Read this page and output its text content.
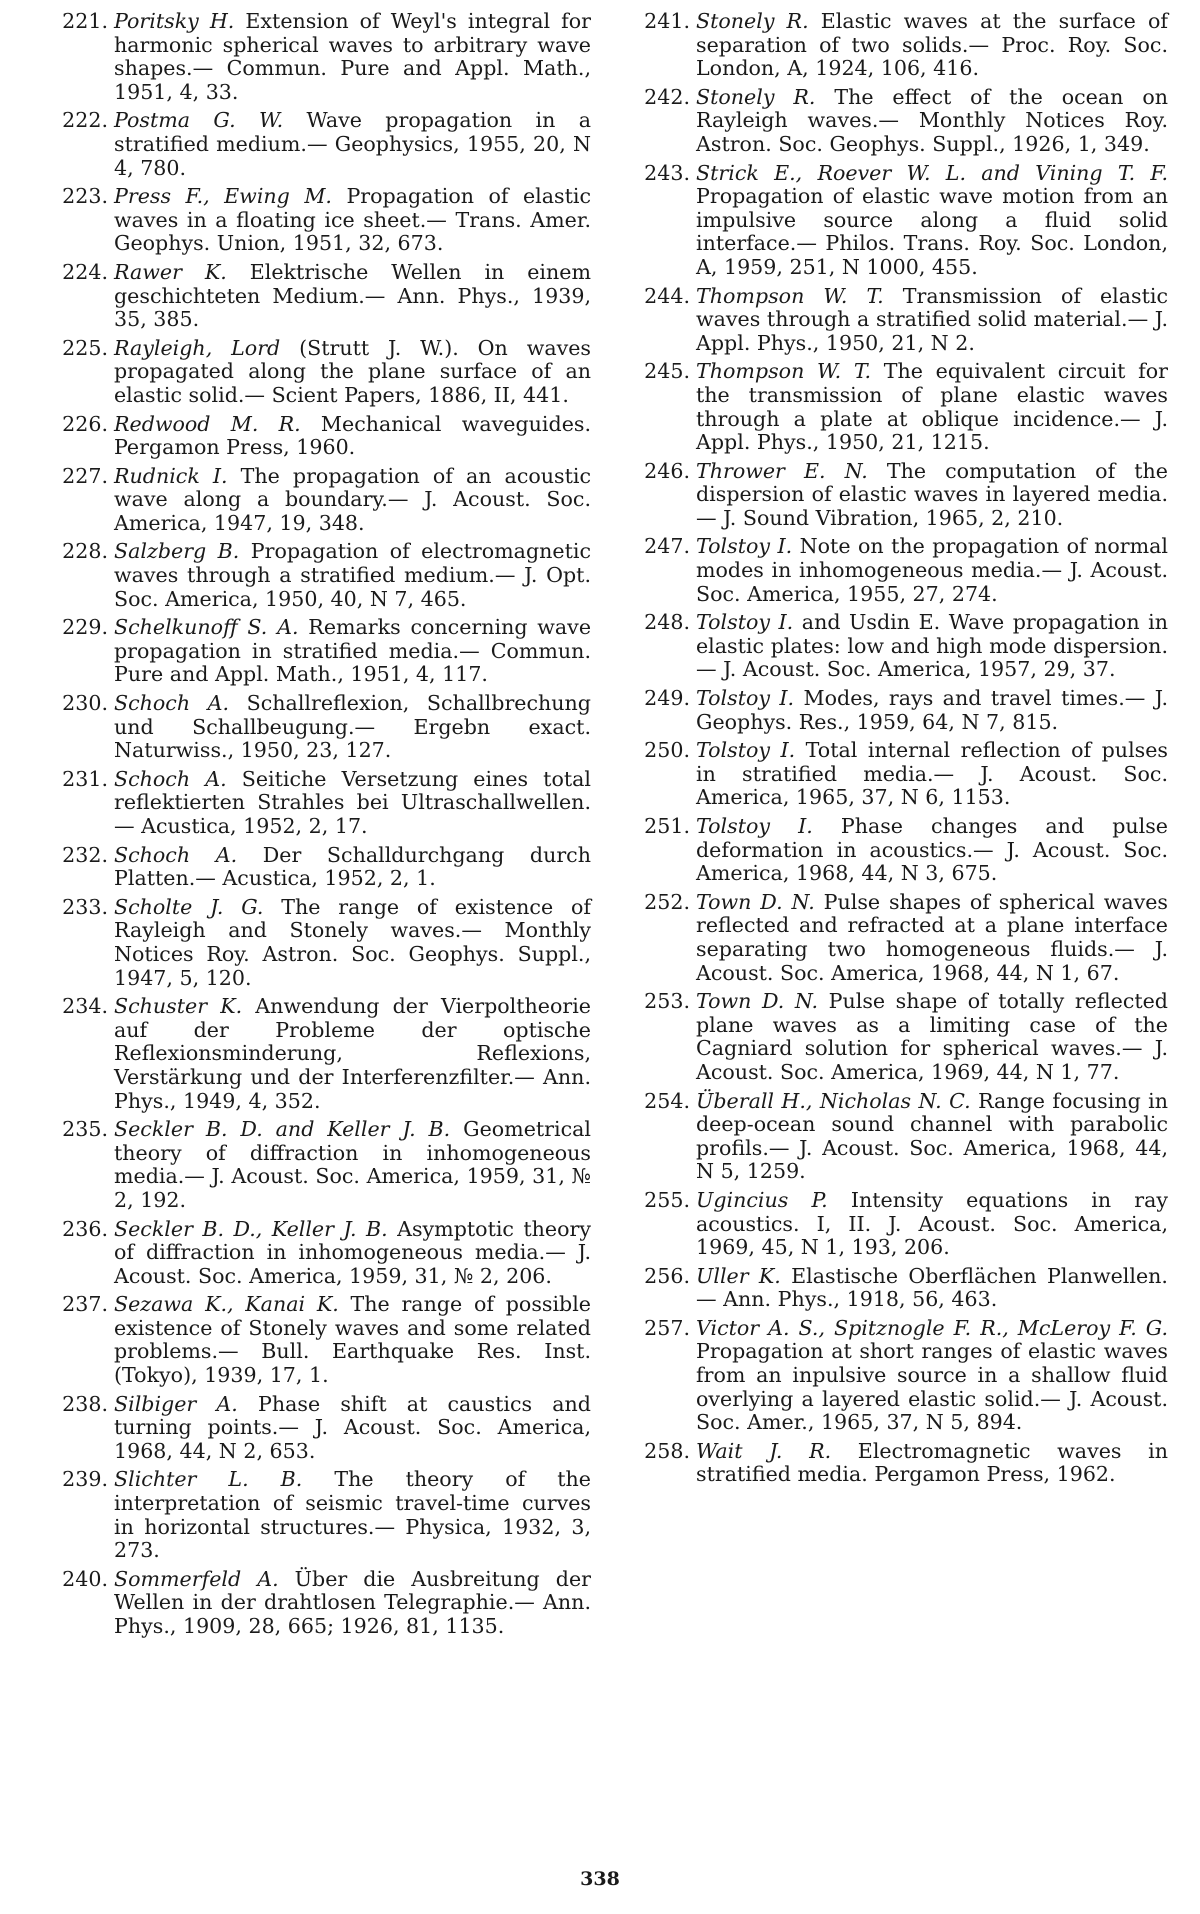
221. Poritsky H. Extension of Weyl's integral for harmonic spherical waves to arbitrary wave shapes.— Commun. Pure and Appl. Math., 1951, 4, 33.
222. Postma G. W. Wave propagation in a stratified medium.— Geophysics, 1955, 20, N 4, 780.
223. Press F., Ewing M. Propagation of elastic waves in a floating ice sheet.— Trans. Amer. Geophys. Union, 1951, 32, 673.
224. Rawer K. Elektrische Wellen in einem geschichteten Medium.— Ann. Phys., 1939, 35, 385.
225. Rayleigh, Lord (Strutt J. W.). On waves propagated along the plane surface of an elastic solid.— Scient Papers, 1886, II, 441.
226. Redwood M. R. Mechanical waveguides. Pergamon Press, 1960.
227. Rudnick I. The propagation of an acoustic wave along a boundary.— J. Acoust. Soc. America, 1947, 19, 348.
228. Salzberg B. Propagation of electromagnetic waves through a stratified medium.— J. Opt. Soc. America, 1950, 40, N 7, 465.
229. Schelkunoff S. A. Remarks concerning wave propagation in stratified media.— Commun. Pure and Appl. Math., 1951, 4, 117.
230. Schoch A. Schallreflexion, Schallbrechung und Schallbeugung.— Ergebn exact. Naturwiss., 1950, 23, 127.
231. Schoch A. Seitiche Versetzung eines total reflektierten Strahles bei Ultraschallwellen.— Acustica, 1952, 2, 17.
232. Schoch A. Der Schalldurchgang durch Platten.— Acustica, 1952, 2, 1.
233. Scholte J. G. The range of existence of Rayleigh and Stonely waves.— Monthly Notices Roy. Astron. Soc. Geophys. Suppl., 1947, 5, 120.
234. Schuster K. Anwendung der Vierpoltheorie auf der Probleme der optische Reflexionsminderung, Reflexions, Verstärkung und der Interferenzfilter.— Ann. Phys., 1949, 4, 352.
235. Seckler B. D. and Keller J. B. Geometrical theory of diffraction in inhomogeneous media.— J. Acoust. Soc. America, 1959, 31, № 2, 192.
236. Seckler B. D., Keller J. B. Asymptotic theory of diffraction in inhomogeneous media.— J. Acoust. Soc. America, 1959, 31, № 2, 206.
237. Sezawa K., Kanai K. The range of possible existence of Stonely waves and some related problems.— Bull. Earthquake Res. Inst. (Tokyo), 1939, 17, 1.
238. Silbiger A. Phase shift at caustics and turning points.— J. Acoust. Soc. America, 1968, 44, N 2, 653.
239. Slichter L. B. The theory of the interpretation of seismic travel-time curves in horizontal structures.— Physica, 1932, 3, 273.
240. Sommerfeld A. Über die Ausbreitung der Wellen in der drahtlosen Telegraphie.— Ann. Phys., 1909, 28, 665; 1926, 81, 1135.
241. Stonely R. Elastic waves at the surface of separation of two solids.— Proc. Roy. Soc. London, A, 1924, 106, 416.
242. Stonely R. The effect of the ocean on Rayleigh waves.— Monthly Notices Roy. Astron. Soc. Geophys. Suppl., 1926, 1, 349.
243. Strick E., Roever W. L. and Vining T. F. Propagation of elastic wave motion from an impulsive source along a fluid solid interface.— Philos. Trans. Roy. Soc. London, A, 1959, 251, N 1000, 455.
244. Thompson W. T. Transmission of elastic waves through a stratified solid material.— J. Appl. Phys., 1950, 21, N 2.
245. Thompson W. T. The equivalent circuit for the transmission of plane elastic waves through a plate at oblique incidence.— J. Appl. Phys., 1950, 21, 1215.
246. Thrower E. N. The computation of the dispersion of elastic waves in layered media.— J. Sound Vibration, 1965, 2, 210.
247. Tolstoy I. Note on the propagation of normal modes in inhomogeneous media.— J. Acoust. Soc. America, 1955, 27, 274.
248. Tolstoy I. and Usdin E. Wave propagation in elastic plates: low and high mode dispersion.— J. Acoust. Soc. America, 1957, 29, 37.
249. Tolstoy I. Modes, rays and travel times.— J. Geophys. Res., 1959, 64, N 7, 815.
250. Tolstoy I. Total internal reflection of pulses in stratified media.— J. Acoust. Soc. America, 1965, 37, N 6, 1153.
251. Tolstoy I. Phase changes and pulse deformation in acoustics.— J. Acoust. Soc. America, 1968, 44, N 3, 675.
252. Town D. N. Pulse shapes of spherical waves reflected and refracted at a plane interface separating two homogeneous fluids.— J. Acoust. Soc. America, 1968, 44, N 1, 67.
253. Town D. N. Pulse shape of totally reflected plane waves as a limiting case of the Cagniard solution for spherical waves.— J. Acoust. Soc. America, 1969, 44, N 1, 77.
254. Überall H., Nicholas N. C. Range focusing in deep-ocean sound channel with parabolic profils.— J. Acoust. Soc. America, 1968, 44, N 5, 1259.
255. Ugincius P. Intensity equations in ray acoustics. I, II. J. Acoust. Soc. America, 1969, 45, N 1, 193, 206.
256. Uller K. Elastische Oberflächen Planwellen.— Ann. Phys., 1918, 56, 463.
257. Victor A. S., Spitznogle F. R., McLeroy F. G. Propagation at short ranges of elastic waves from an inpulsive source in a shallow fluid overlying a layered elastic solid.— J. Acoust. Soc. Amer., 1965, 37, N 5, 894.
258. Wait J. R. Electromagnetic waves in stratified media. Pergamon Press, 1962.
338
